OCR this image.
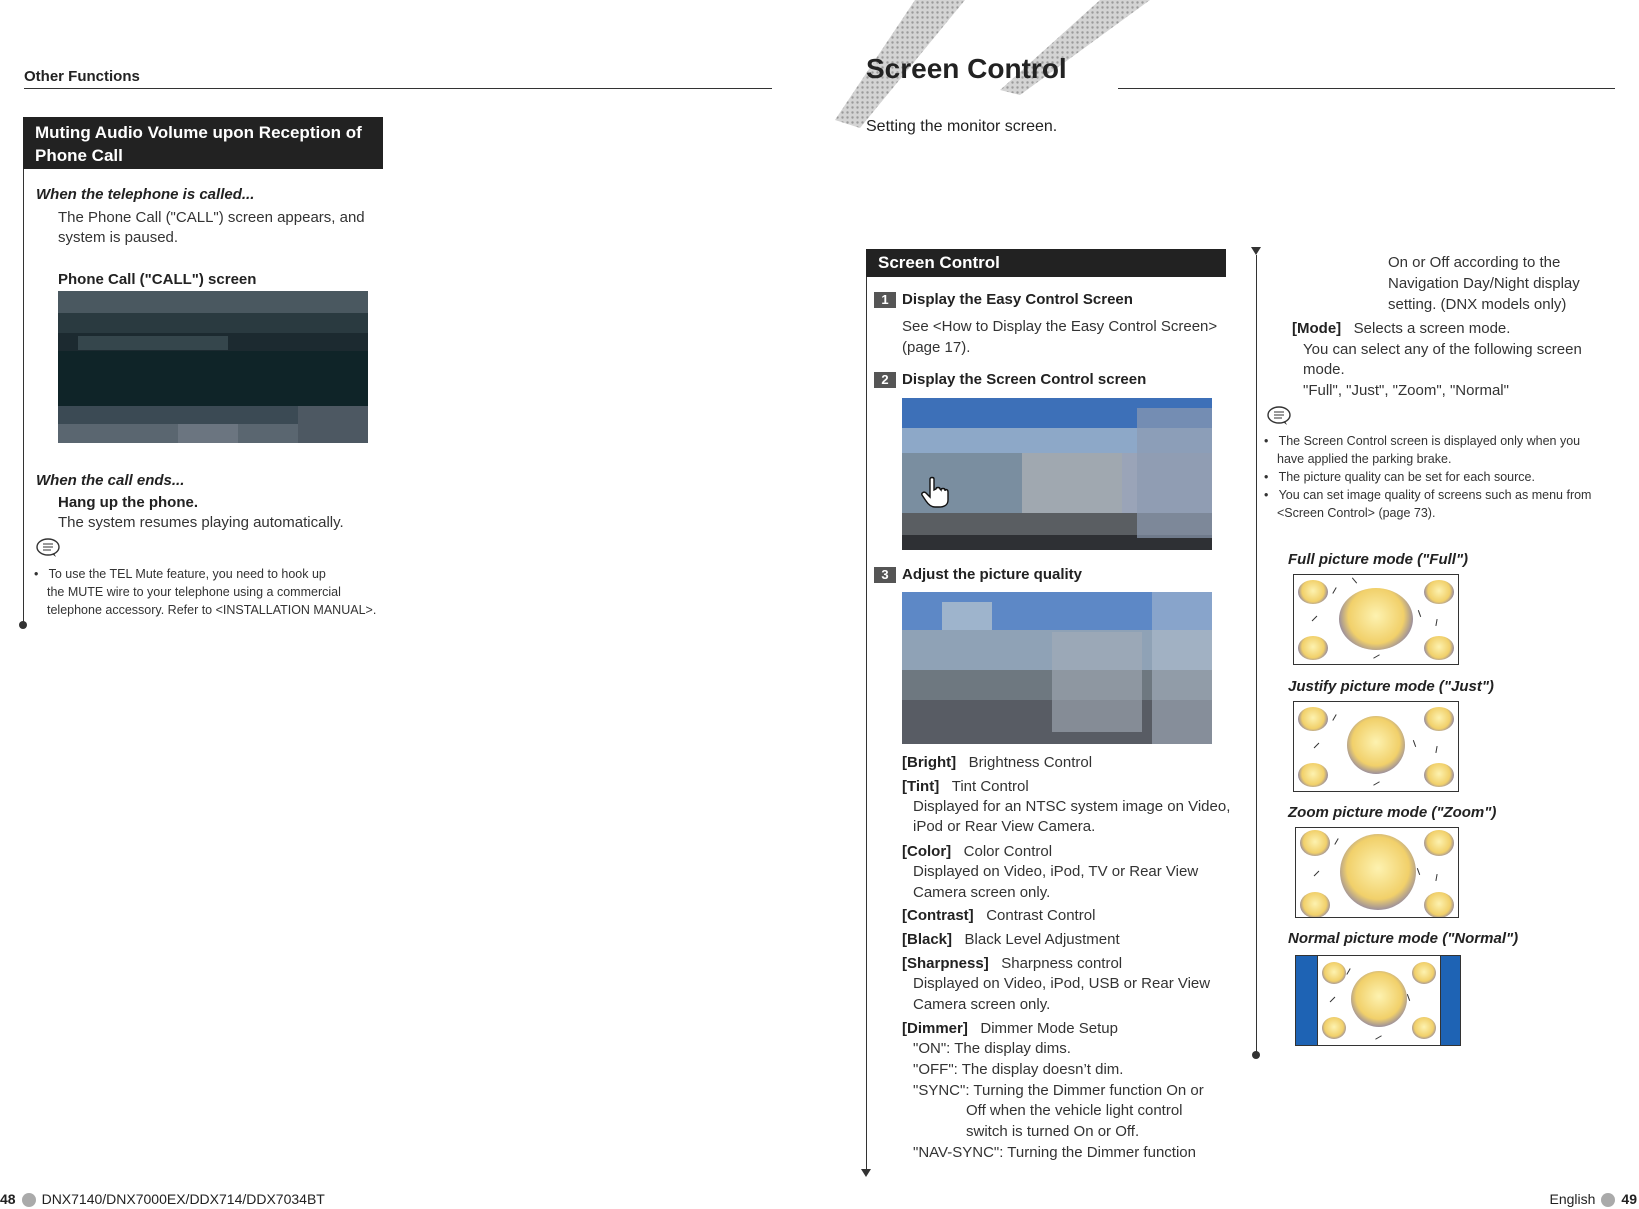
Other Functions
Muting Audio Volume upon Reception of
Phone Call
When the telephone is called...
The Phone Call ("CALL") screen appears, and
system is paused.
Phone Call ("CALL") screen
When the call ends...
Hang up the phone.
The system resumes playing automatically.
•   To use the TEL Mute feature, you need to hook up
the MUTE wire to your telephone using a commercial
telephone accessory. Refer to <INSTALLATION MANUAL>.
Screen Control
Setting the monitor screen.
Screen Control
1 Display the Easy Control Screen
See <How to Display the Easy Control Screen>
(page 17).
2 Display the Screen Control screen
3 Adjust the picture quality
[Bright] Brightness Control
[Tint] Tint Control
Displayed for an NTSC system image on Video,
iPod or Rear View Camera.
[Color] Color Control
Displayed on Video, iPod, TV or Rear View
Camera screen only.
[Contrast] Contrast Control
[Black] Black Level Adjustment
[Sharpness] Sharpness control
Displayed on Video, iPod, USB or Rear View
Camera screen only.
[Dimmer] Dimmer Mode Setup
"ON": The display dims.
"OFF": The display doesn’t dim.
"SYNC": Turning the Dimmer function On or
Off when the vehicle light control
switch is turned On or Off.
"NAV-SYNC": Turning the Dimmer function
On or Off according to the
Navigation Day/Night display
setting. (DNX models only)
[Mode] Selects a screen mode.
You can select any of the following screen
mode.
"Full", "Just", "Zoom", "Normal"
•   The Screen Control screen is displayed only when you
have applied the parking brake.
•   The picture quality can be set for each source.
•   You can set image quality of screens such as menu from
<Screen Control> (page 73).
Full picture mode ("Full")
Justify picture mode ("Just")
Zoom picture mode ("Zoom")
Normal picture mode ("Normal")
48 DNX7140/DNX7000EX/DDX714/DDX7034BT	English 49
